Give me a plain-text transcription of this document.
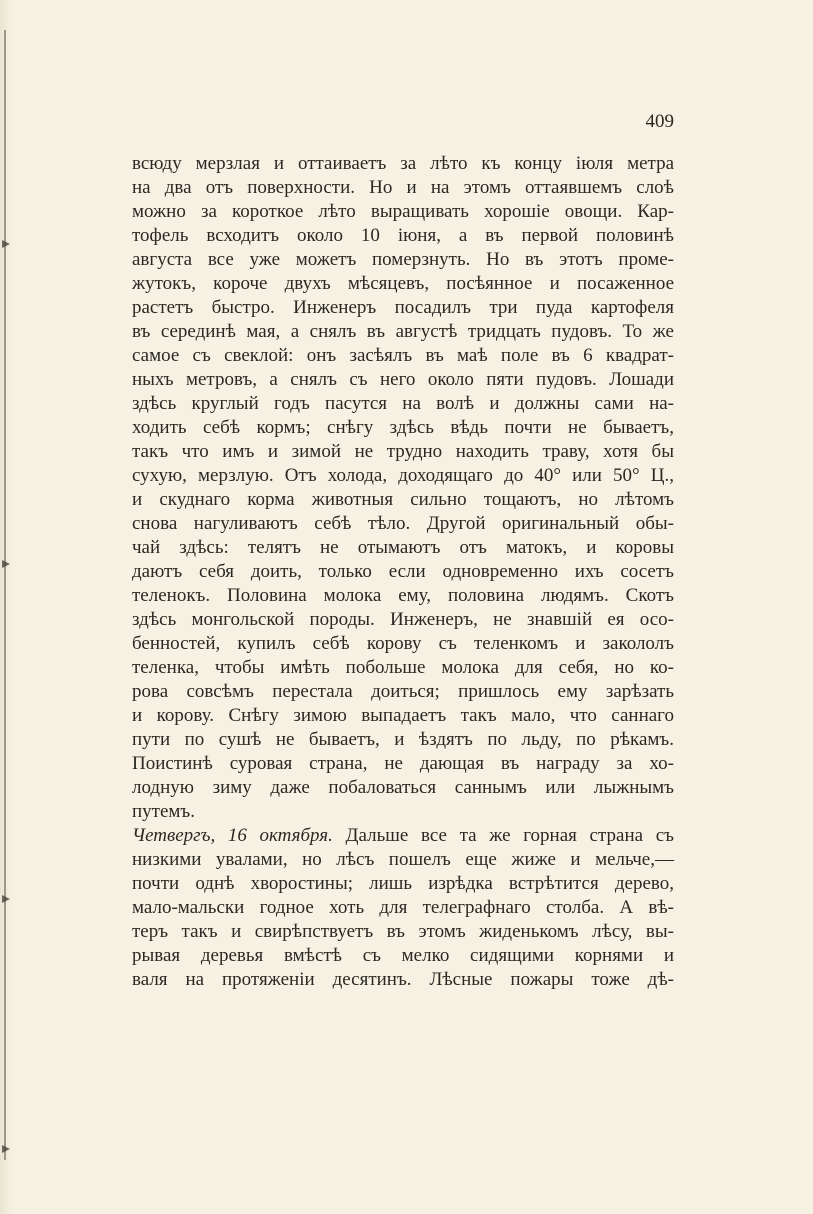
409
всюду мерзлая и оттаиваетъ за лѣто къ концу іюля метра
на два отъ поверхности. Но и на этомъ оттаявшемъ слоѣ
можно за короткое лѣто выращивать хорошіе овощи. Кар-
тофель всходитъ около 10 іюня, а въ первой половинѣ
августа все уже можетъ померзнуть. Но въ этотъ проме-
жутокъ, короче двухъ мѣсяцевъ, посѣянное и посаженное
растетъ быстро. Инженеръ посадилъ три пуда картофеля
въ серединѣ мая, а снялъ въ августѣ тридцать пудовъ. То же
самое съ свеклой: онъ засѣялъ въ маѣ поле въ 6 квадрат-
ныхъ метровъ, а снялъ съ него около пяти пудовъ. Лошади
здѣсь круглый годъ пасутся на волѣ и должны сами на-
ходить себѣ кормъ; снѣгу здѣсь вѣдь почти не бываетъ,
такъ что имъ и зимой не трудно находить траву, хотя бы
сухую, мерзлую. Отъ холода, доходящаго до 40° или 50° Ц.,
и скуднаго корма животныя сильно тощаютъ, но лѣтомъ
снова нагуливаютъ себѣ тѣло. Другой оригинальный обы-
чай здѣсь: телятъ не отымаютъ отъ матокъ, и коровы
даютъ себя доить, только если одновременно ихъ сосетъ
теленокъ. Половина молока ему, половина людямъ. Скотъ
здѣсь монгольской породы. Инженеръ, не знавшій ея осо-
бенностей, купилъ себѣ корову съ теленкомъ и закололъ
теленка, чтобы имѣть побольше молока для себя, но ко-
рова совсѣмъ перестала доиться; пришлось ему зарѣзать
и корову. Снѣгу зимою выпадаетъ такъ мало, что саннаго
пути по сушѣ не бываетъ, и ѣздятъ по льду, по рѣкамъ.
Поистинѣ суровая страна, не дающая въ награду за хо-
лодную зиму даже побаловаться саннымъ или лыжнымъ
путемъ.
Четвергъ, 16 октября. Дальше все та же горная страна съ
низкими увалами, но лѣсъ пошелъ еще жиже и мельче,—
почти однѣ хворостины; лишь изрѣдка встрѣтится дерево,
мало-мальски годное хоть для телеграфнаго столба. А вѣ-
теръ такъ и свирѣпствуетъ въ этомъ жиденькомъ лѣсу, вы-
рывая деревья вмѣстѣ съ мелко сидящими корнями и
валя на протяженіи десятинъ. Лѣсные пожары тоже дѣ-
